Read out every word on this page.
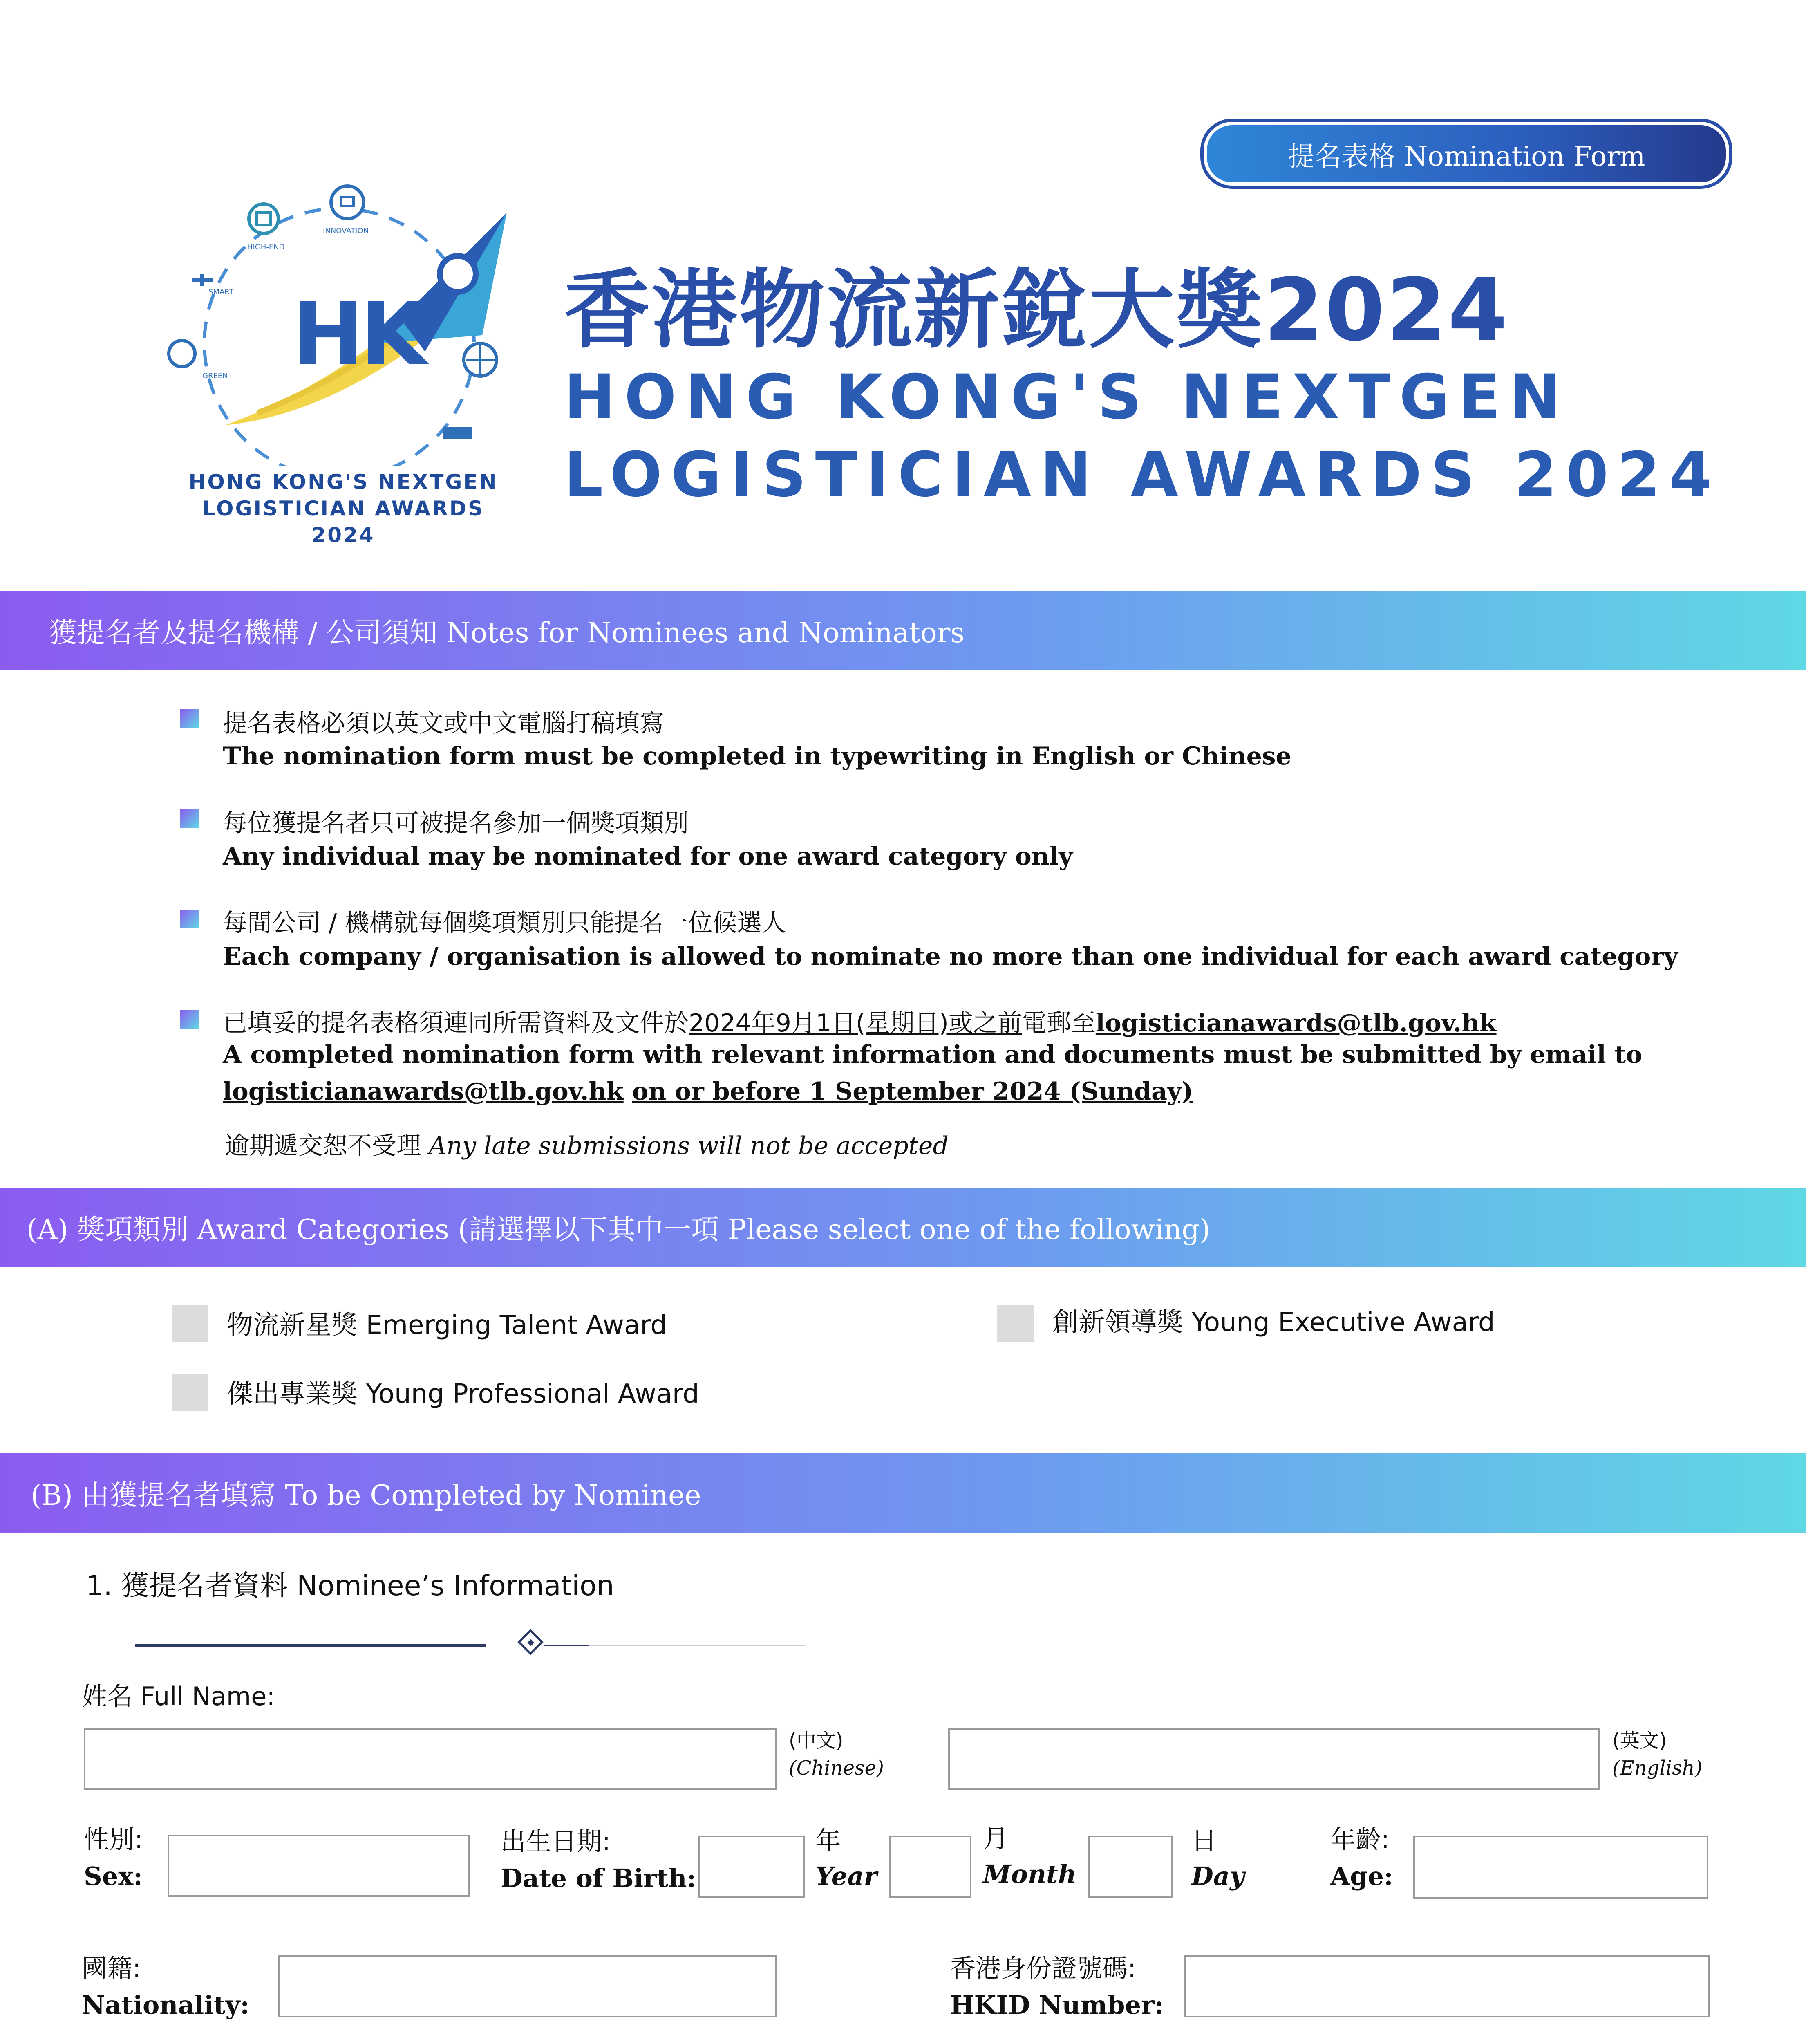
提名表格 Nomination Form
HIGH-END
INNOVATION
SMART
GREEN HK
HONG KONG'S NEXTGEN
LOGISTICIAN AWARDS
2024
香港物流新銳大獎2024
HONG KONG'S NEXTGEN
LOGISTICIAN AWARDS 2024
獲提名者及提名機構 / 公司須知 Notes for Nominees and Nominators
提名表格必須以英文或中文電腦打稿填寫
The nomination form must be completed in typewriting in English or Chinese
每位獲提名者只可被提名參加一個獎項類別
Any individual may be nominated for one award category only
每間公司 / 機構就每個獎項類別只能提名一位候選人
Each company / organisation is allowed to nominate no more than one individual for each award category
已填妥的提名表格須連同所需資料及文件於2024年9月1日(星期日)或之前電郵至logisticianawards@tlb.gov.hk
A completed nomination form with relevant information and documents must be submitted by email to
logisticianawards@tlb.gov.hk on or before 1 September 2024 (Sunday)
逾期遞交恕不受理 Any late submissions will not be accepted
(A) 獎項類別 Award Categories (請選擇以下其中一項 Please select one of the following)
物流新星獎 Emerging Talent Award	創新領導獎 Young Executive Award
傑出專業獎 Young Professional Award
(B) 由獲提名者填寫 To be Completed by Nominee
1. 獲提名者資料 Nominee’s Information
姓名 Full Name:
(中文)
(Chinese)
(英文)
(English)
性別:
Sex:
出生日期:
Date of Birth:
年
Year
月
Month
日
Day
年齡:
Age:
國籍:
Nationality:
香港身份證號碼:
HKID Number:
